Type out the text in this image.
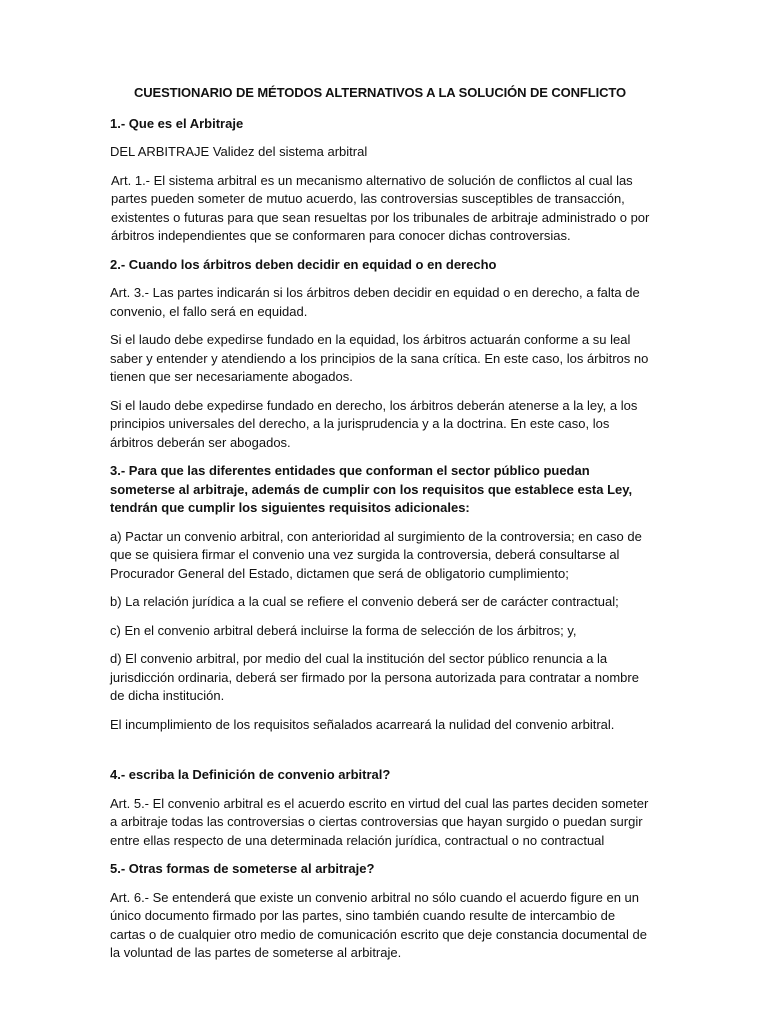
CUESTIONARIO DE MÉTODOS ALTERNATIVOS A LA SOLUCIÓN DE CONFLICTO

1.- Que es el Arbitraje

DEL ARBITRAJE Validez del sistema arbitral

Art. 1.- El sistema arbitral es un mecanismo alternativo de solución de conflictos al cual las partes pueden someter de mutuo acuerdo, las controversias susceptibles de transacción, existentes o futuras para que sean resueltas por los tribunales de arbitraje administrado o por árbitros independientes que se conformaren para conocer dichas controversias.

2.- Cuando los árbitros deben decidir en equidad o en derecho

Art. 3.- Las partes indicarán si los árbitros deben decidir en equidad o en derecho, a falta de convenio, el fallo será en equidad.

Si el laudo debe expedirse fundado en la equidad, los árbitros actuarán conforme a su leal saber y entender y atendiendo a los principios de la sana crítica. En este caso, los árbitros no tienen que ser necesariamente abogados.

Si el laudo debe expedirse fundado en derecho, los árbitros deberán atenerse a la ley, a los principios universales del derecho, a la jurisprudencia y a la doctrina. En este caso, los árbitros deberán ser abogados.

3.- Para que las diferentes entidades que conforman el sector público puedan someterse al arbitraje, además de cumplir con los requisitos que establece esta Ley, tendrán que cumplir los siguientes requisitos adicionales:

a) Pactar un convenio arbitral, con anterioridad al surgimiento de la controversia; en caso de que se quisiera firmar el convenio una vez surgida la controversia, deberá consultarse al Procurador General del Estado, dictamen que será de obligatorio cumplimiento;

b) La relación jurídica a la cual se refiere el convenio deberá ser de carácter contractual;

c) En el convenio arbitral deberá incluirse la forma de selección de los árbitros; y,

d) El convenio arbitral, por medio del cual la institución del sector público renuncia a la jurisdicción ordinaria, deberá ser firmado por la persona autorizada para contratar a nombre de dicha institución.

El incumplimiento de los requisitos señalados acarreará la nulidad del convenio arbitral.

4.- escriba la Definición de convenio arbitral?

Art. 5.- El convenio arbitral es el acuerdo escrito en virtud del cual las partes deciden someter a arbitraje todas las controversias o ciertas controversias que hayan surgido o puedan surgir entre ellas respecto de una determinada relación jurídica, contractual o no contractual

5.- Otras formas de someterse al arbitraje?

Art. 6.- Se entenderá que existe un convenio arbitral no sólo cuando el acuerdo figure en un único documento firmado por las partes, sino también cuando resulte de intercambio de cartas o de cualquier otro medio de comunicación escrito que deje constancia documental de la voluntad de las partes de someterse al arbitraje.
